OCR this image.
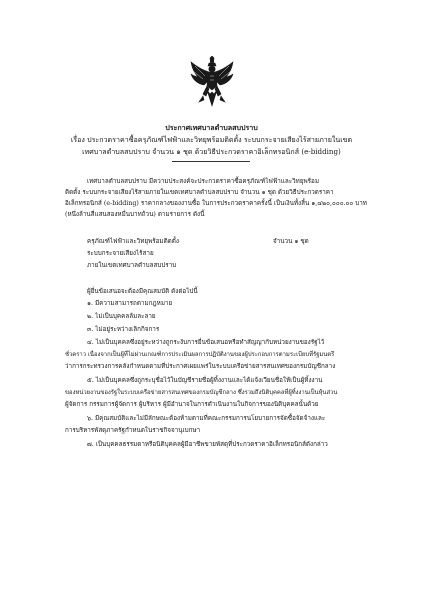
ประกาศเทศบาลตำบลสบปราบ
เรื่อง ประกวดราคาซื้อครุภัณฑ์ไฟฟ้าและวิทยุพร้อมติดตั้ง ระบบกระจายเสียงไร้สายภายในเขต
เทศบาลตำบลสบปราบ จำนวน ๑ ชุด ด้วยวิธีประกวดราคาอิเล็กทรอนิกส์ (e-bidding)
เทศบาลตำบลสบปราบ มีความประสงค์จะประกวดราคาซื้อครุภัณฑ์ไฟฟ้าและวิทยุพร้อม
ติดตั้ง ระบบกระจายเสียงไร้สายภายในเขตเทศบาลตำบลสบปราบ จำนวน ๑ ชุด ด้วยวิธีประกวดราคา
อิเล็กทรอนิกส์ (e-bidding) ราคากลางของงานซื้อ ในการประกวดราคาครั้งนี้ เป็นเงินทั้งสิ้น ๑,๔๒๐,๐๐๐.๐๐ บาท
(หนึ่งล้านสี่แสนสองหมื่นบาทถ้วน) ตามรายการ ดังนี้
ครุภัณฑ์ไฟฟ้าและวิทยุพร้อมติดตั้ง	จำนวน ๑ ชุด
ระบบกระจายเสียงไร้สาย
ภายในเขตเทศบาลตำบลสบปราบ
ผู้ยื่นข้อเสนอจะต้องมีคุณสมบัติ ดังต่อไปนี้
๑. มีความสามารถตามกฎหมาย
๒. ไม่เป็นบุคคลล้มละลาย
๓. ไม่อยู่ระหว่างเลิกกิจการ
๔. ไม่เป็นบุคคลซึ่งอยู่ระหว่างถูกระงับการยื่นข้อเสนอหรือทำสัญญากับหน่วยงานของรัฐไว้
ชั่วคราว เนื่องจากเป็นผู้ที่ไม่ผ่านเกณฑ์การประเมินผลการปฏิบัติงานของผู้ประกอบการตามระเบียบที่รัฐมนตรี
ว่าการกระทรวงการคลังกำหนดตามที่ประกาศเผยแพร่ในระบบเครือข่ายสารสนเทศของกรมบัญชีกลาง
๕. ไม่เป็นบุคคลซึ่งถูกระบุชื่อไว้ในบัญชีรายชื่อผู้ทิ้งงานและได้แจ้งเวียนชื่อให้เป็นผู้ทิ้งงาน
ของหน่วยงานของรัฐในระบบเครือข่ายสารสนเทศของกรมบัญชีกลาง ซึ่งรวมถึงนิติบุคคลที่ผู้ทิ้งงานเป็นหุ้นส่วน
ผู้จัดการ กรรมการผู้จัดการ ผู้บริหาร ผู้มีอำนาจในการดำเนินงานในกิจการของนิติบุคคลนั้นด้วย
๖. มีคุณสมบัติและไม่มีลักษณะต้องห้ามตามที่คณะกรรมการนโยบายการจัดซื้อจัดจ้างและ
การบริหารพัสดุภาครัฐกำหนดในราชกิจจานุเบกษา
๗. เป็นบุคคลธรรมดาหรือนิติบุคคลผู้มีอาชีพขายพัสดุที่ประกวดราคาอิเล็กทรอนิกส์ดังกล่าว
